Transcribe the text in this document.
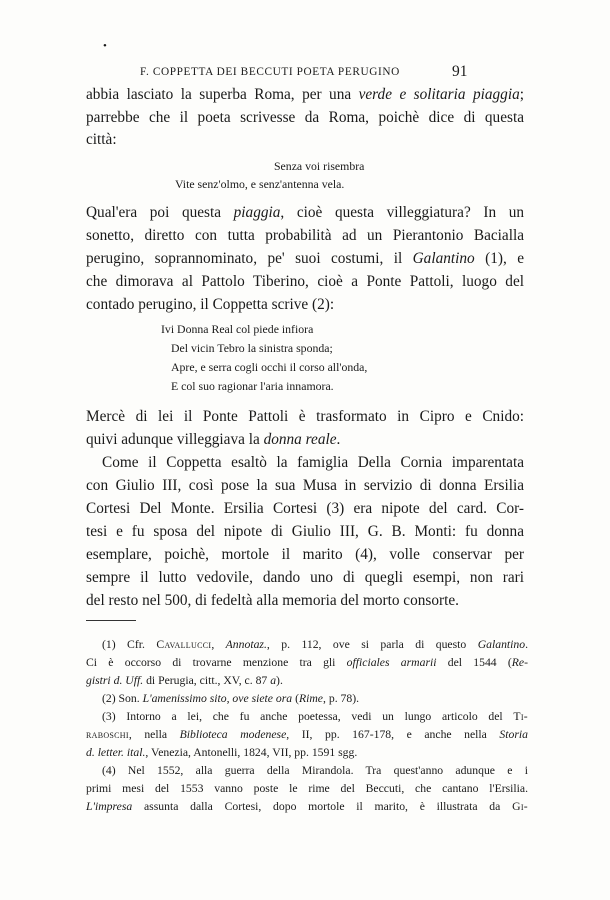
•
F. COPPETTA DEI BECCUTI POETA PERUGINO	91
abbia lasciato la superba Roma, per una verde e solitaria piaggia;
parrebbe che il poeta scrivesse da Roma, poichè dice di questa
città:
Senza voi risembra
Vite senz'olmo, e senz'antenna vela.
Qual'era poi questa piaggia, cioè questa villeggiatura? In un
sonetto, diretto con tutta probabilità ad un Pierantonio Bacialla
perugino, soprannominato, pe' suoi costumi, il Galantino (1), e
che dimorava al Pattolo Tiberino, cioè a Ponte Pattoli, luogo del
contado perugino, il Coppetta scrive (2):
Ivi Donna Real col piede infiora
Del vicin Tebro la sinistra sponda;
Apre, e serra cogli occhi il corso all'onda,
E col suo ragionar l'aria innamora.
Mercè di lei il Ponte Pattoli è trasformato in Cipro e Cnido:
quivi adunque villeggiava la donna reale.
Come il Coppetta esaltò la famiglia Della Cornia imparentata
con Giulio III, così pose la sua Musa in servizio di donna Ersilia
Cortesi Del Monte. Ersilia Cortesi (3) era nipote del card. Cor-
tesi e fu sposa del nipote di Giulio III, G. B. Monti: fu donna
esemplare, poichè, mortole il marito (4), volle conservar per
sempre il lutto vedovile, dando uno di quegli esempi, non rari
del resto nel 500, di fedeltà alla memoria del morto consorte.
(1) Cfr. Cavallucci, Annotaz., p. 112, ove si parla di questo Galantino.
Ci è occorso di trovarne menzione tra gli officiales armarii del 1544 (Re-
gistri d. Uff. di Perugia, citt., XV, c. 87 a).
(2) Son. L'amenissimo sito, ove siete ora (Rime, p. 78).
(3) Intorno a lei, che fu anche poetessa, vedi un lungo articolo del Ti-
raboschi, nella Biblioteca modenese, II, pp. 167-178, e anche nella Storia
d. letter. ital., Venezia, Antonelli, 1824, VII, pp. 1591 sgg.
(4) Nel 1552, alla guerra della Mirandola. Tra quest'anno adunque e i
primi mesi del 1553 vanno poste le rime del Beccuti, che cantano l'Ersilia.
L'impresa assunta dalla Cortesi, dopo mortole il marito, è illustrata da Gi-
